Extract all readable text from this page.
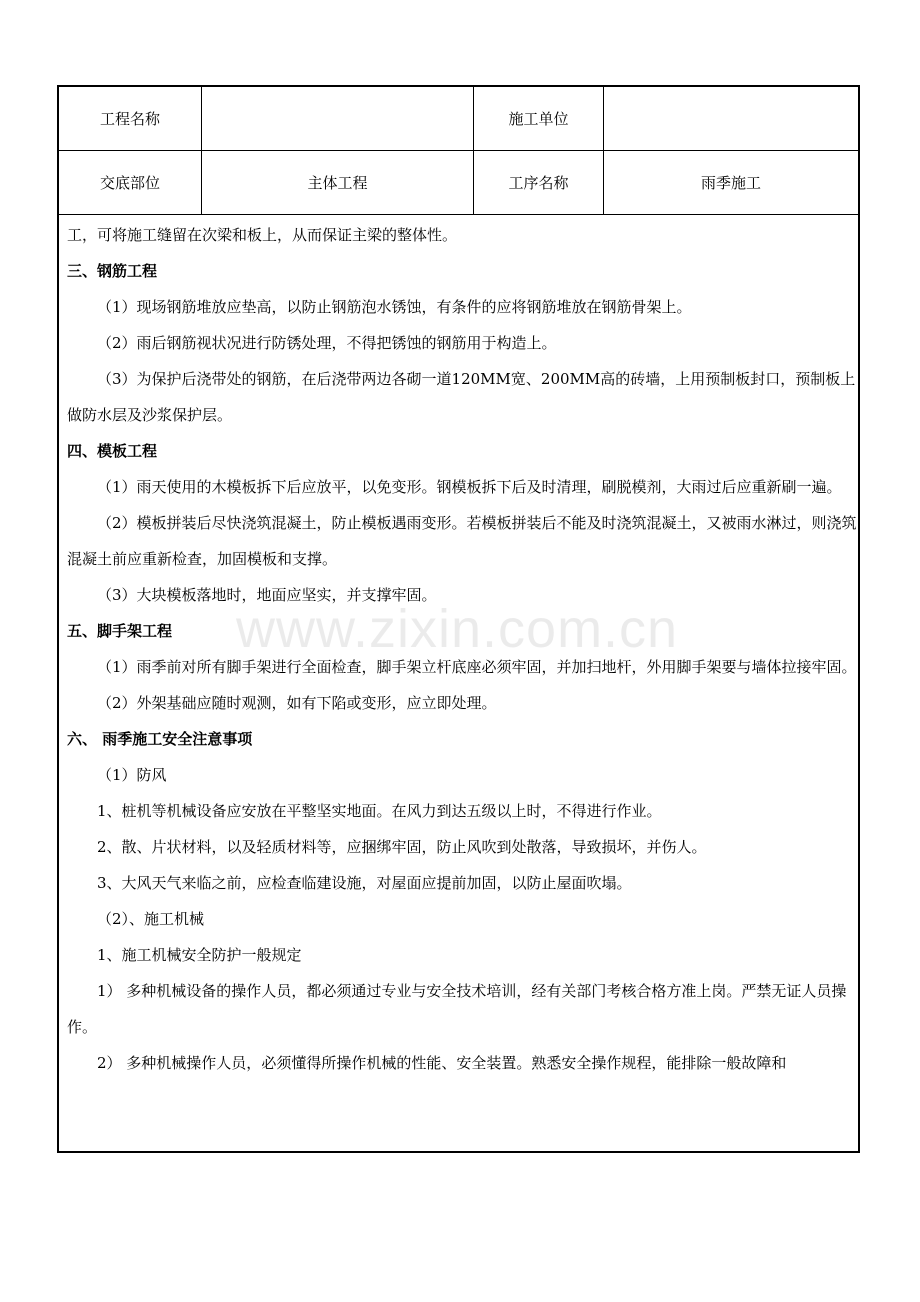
工程名称		施工单位	
交底部位	主体工程	工序名称	雨季施工

工，可将施工缝留在次梁和板上，从而保证主梁的整体性。

三、钢筋工程

（1）现场钢筋堆放应垫高，以防止钢筋泡水锈蚀，有条件的应将钢筋堆放在钢筋骨架上。

（2）雨后钢筋视状况进行防锈处理，不得把锈蚀的钢筋用于构造上。

（3）为保护后浇带处的钢筋，在后浇带两边各砌一道120MM宽、200MM高的砖墙，上用预制板封口，预制板上做防水层及沙浆保护层。

四、模板工程

（1）雨天使用的木模板拆下后应放平，以免变形。钢模板拆下后及时清理，刷脱模剂，大雨过后应重新刷一遍。

（2）模板拼装后尽快浇筑混凝土，防止模板遇雨变形。若模板拼装后不能及时浇筑混凝土，又被雨水淋过，则浇筑混凝土前应重新检查，加固模板和支撑。

（3）大块模板落地时，地面应坚实，并支撑牢固。

五、脚手架工程

（1）雨季前对所有脚手架进行全面检查，脚手架立杆底座必须牢固，并加扫地杆，外用脚手架要与墙体拉接牢固。

（2）外架基础应随时观测，如有下陷或变形，应立即处理。

六、 雨季施工安全注意事项

（1）防风

1、桩机等机械设备应安放在平整坚实地面。在风力到达五级以上时，不得进行作业。

2、散、片状材料，以及轻质材料等，应捆绑牢固，防止风吹到处散落，导致损坏，并伤人。

3、大风天气来临之前，应检查临建设施，对屋面应提前加固，以防止屋面吹塌。

（2）、施工机械

1、施工机械安全防护一般规定

1） 多种机械设备的操作人员，都必须通过专业与安全技术培训，经有关部门考核合格方准上岗。严禁无证人员操作。

2） 多种机械操作人员，必须懂得所操作机械的性能、安全装置。熟悉安全操作规程，能排除一般故障和

www.zixin.com.cn
